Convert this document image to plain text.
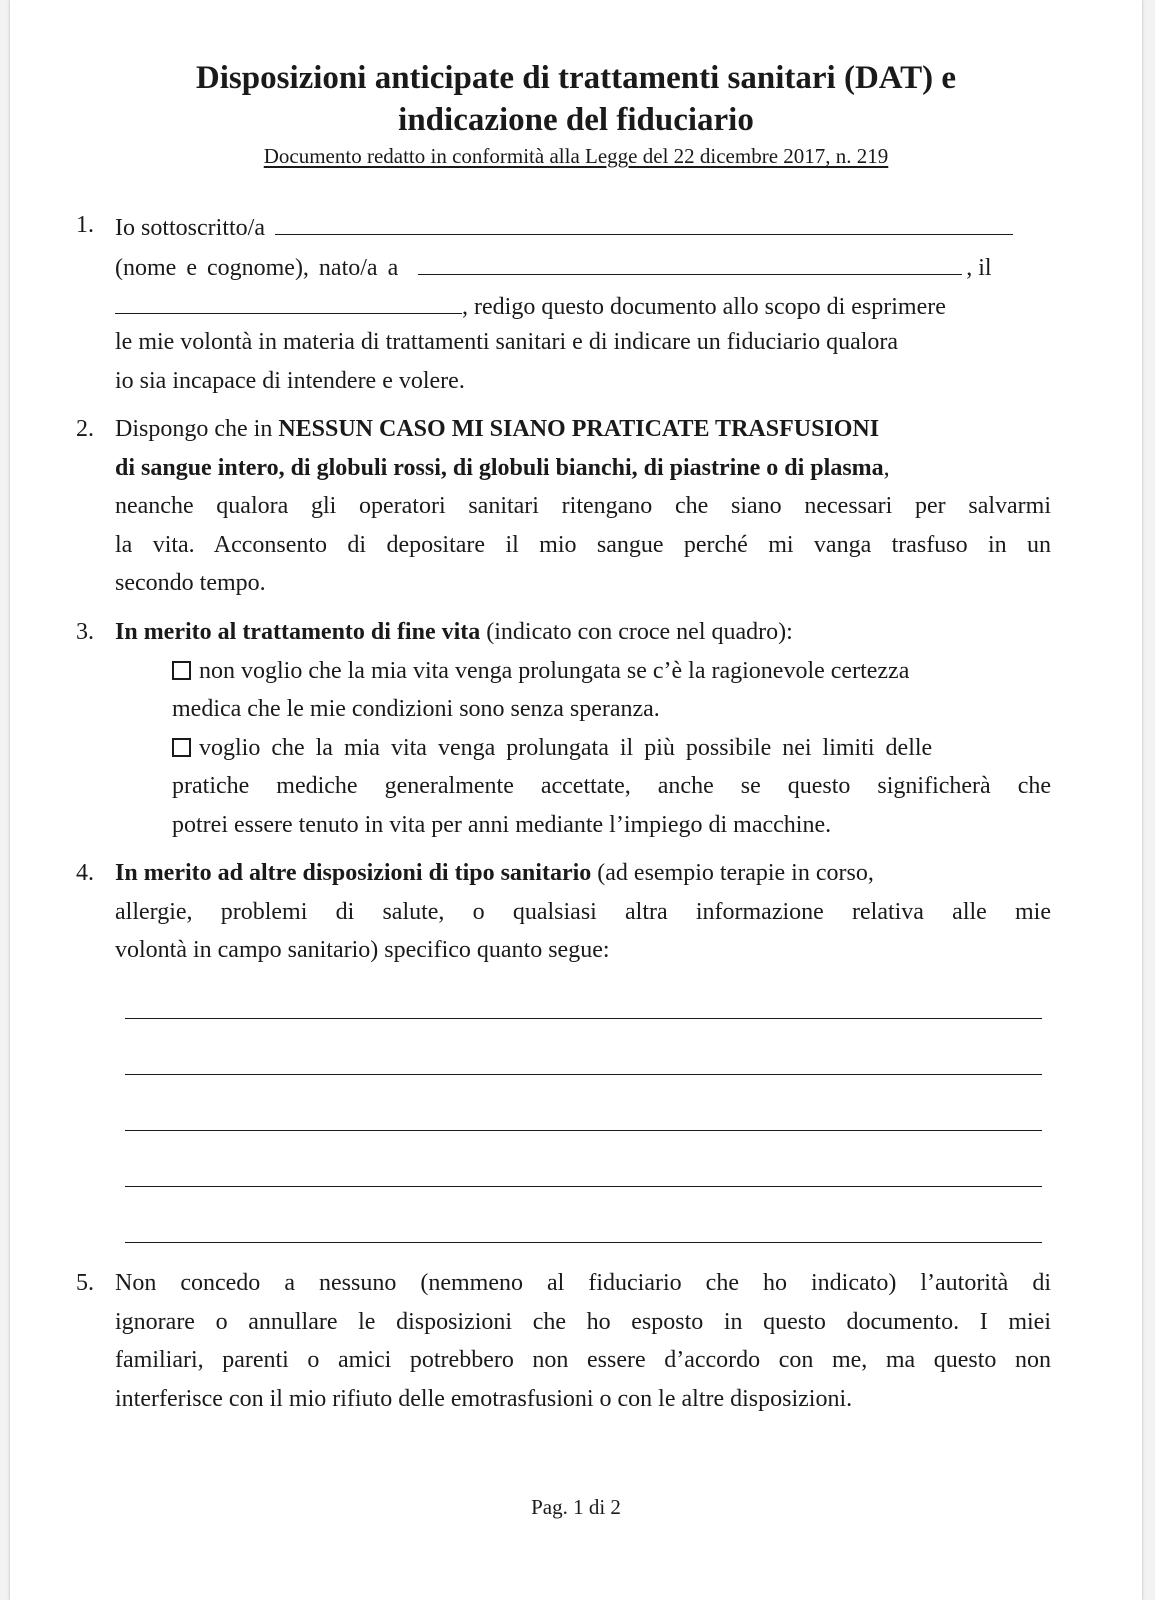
Disposizioni anticipate di trattamenti sanitari (DAT) e
indicazione del fiduciario
Documento redatto in conformità alla Legge del 22 dicembre 2017, n. 219
1. Io sottoscritto/a
(nome e cognome), nato/a a	, il
, redigo questo documento allo scopo di esprimere
le mie volontà in materia di trattamenti sanitari e di indicare un fiduciario qualora
io sia incapace di intendere e volere.
2. Dispongo che in NESSUN CASO MI SIANO PRATICATE TRASFUSIONI
di sangue intero, di globuli rossi, di globuli bianchi, di piastrine o di plasma,
neanche qualora gli operatori sanitari ritengano che siano necessari per salvarmi
la vita. Acconsento di depositare il mio sangue perché mi vanga trasfuso in un
secondo tempo.
3. In merito al trattamento di fine vita (indicato con croce nel quadro):
non voglio che la mia vita venga prolungata se c’è la ragionevole certezza
medica che le mie condizioni sono senza speranza.
voglio che la mia vita venga prolungata il più possibile nei limiti delle
pratiche mediche generalmente accettate, anche se questo significherà che
potrei essere tenuto in vita per anni mediante l’impiego di macchine.
4. In merito ad altre disposizioni di tipo sanitario (ad esempio terapie in corso,
allergie, problemi di salute, o qualsiasi altra informazione relativa alle mie
volontà in campo sanitario) specifico quanto segue:
5. Non concedo a nessuno (nemmeno al fiduciario che ho indicato) l’autorità di
ignorare o annullare le disposizioni che ho esposto in questo documento. I miei
familiari, parenti o amici potrebbero non essere d’accordo con me, ma questo non
interferisce con il mio rifiuto delle emotrasfusioni o con le altre disposizioni.
Pag. 1 di 2
